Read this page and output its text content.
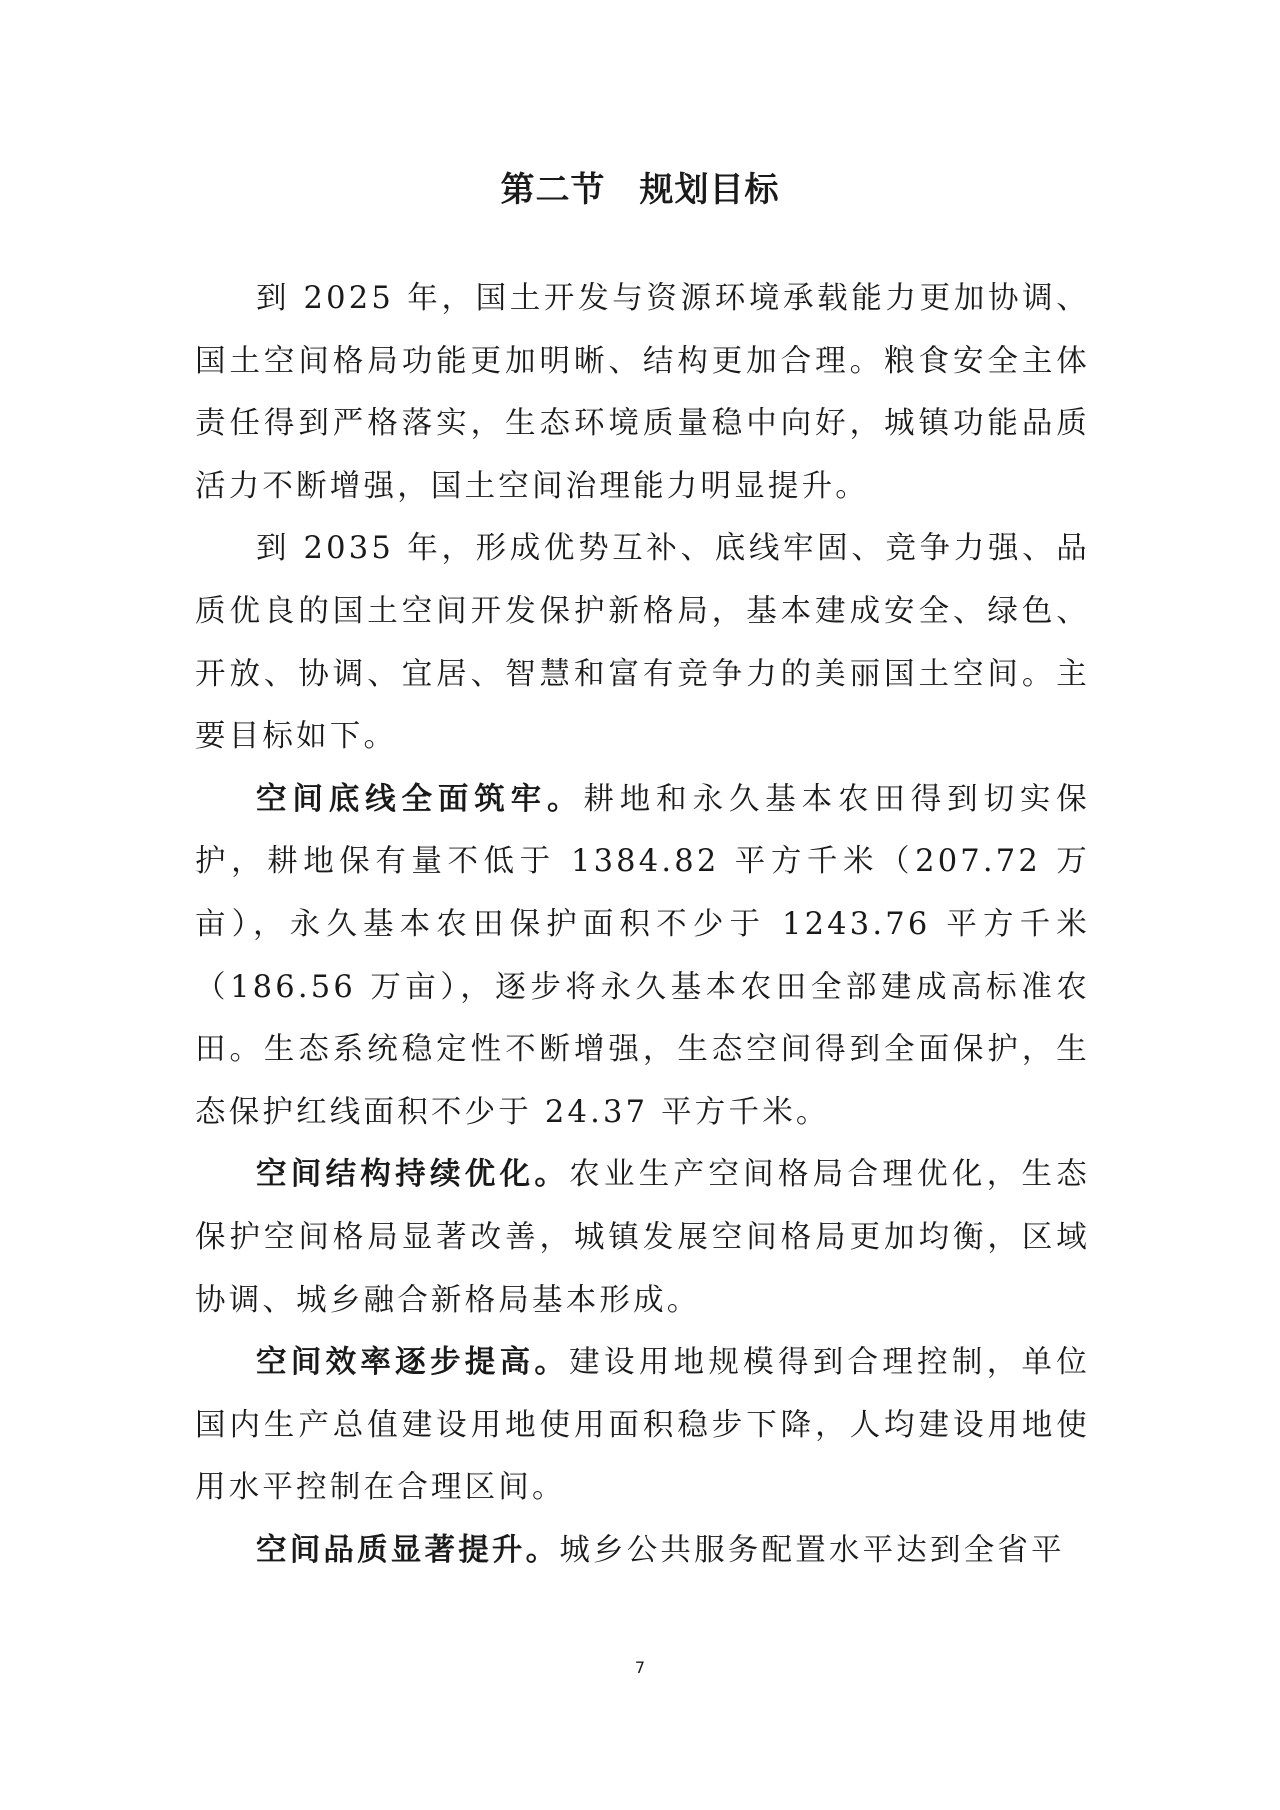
第二节 规划目标

到 2025 年，国土开发与资源环境承载能力更加协调、国土空间格局功能更加明晰、结构更加合理。粮食安全主体责任得到严格落实，生态环境质量稳中向好，城镇功能品质活力不断增强，国土空间治理能力明显提升。

到 2035 年，形成优势互补、底线牢固、竞争力强、品质优良的国土空间开发保护新格局，基本建成安全、绿色、开放、协调、宜居、智慧和富有竞争力的美丽国土空间。主要目标如下。

空间底线全面筑牢。耕地和永久基本农田得到切实保护，耕地保有量不低于 1384.82 平方千米（207.72 万亩），永久基本农田保护面积不少于 1243.76 平方千米（186.56 万亩），逐步将永久基本农田全部建成高标准农田。生态系统稳定性不断增强，生态空间得到全面保护，生态保护红线面积不少于 24.37 平方千米。

空间结构持续优化。农业生产空间格局合理优化，生态保护空间格局显著改善，城镇发展空间格局更加均衡，区域协调、城乡融合新格局基本形成。

空间效率逐步提高。建设用地规模得到合理控制，单位国内生产总值建设用地使用面积稳步下降，人均建设用地使用水平控制在合理区间。

空间品质显著提升。城乡公共服务配置水平达到全省平

7
